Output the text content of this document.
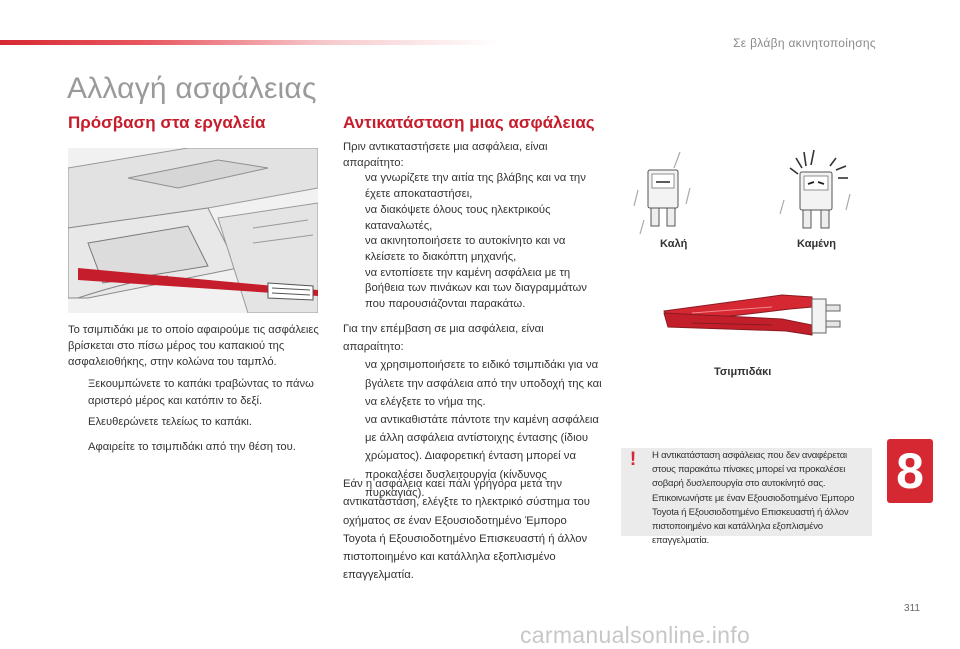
Σε βλάβη ακινητοποίησης
Αλλαγή ασφάλειας
Πρόσβαση στα εργαλεία	Αντικατάσταση μιας ασφάλειας
Το τσιμπιδάκι με το οποίο αφαιρούμε τις ασφάλειες βρίσκεται στο πίσω μέρος του καπακιού της ασφαλειοθήκης, στην κολώνα του ταμπλό.
Ξεκουμπώνετε το καπάκι τραβώντας το πάνω αριστερό μέρος και κατόπιν το δεξί.
Ελευθερώνετε τελείως το καπάκι.
Αφαιρείτε το τσιμπιδάκι από την θέση του.

Πριν αντικαταστήσετε μια ασφάλεια, είναι απαραίτητο:

να γνωρίζετε την αιτία της βλάβης και να την έχετε αποκαταστήσει,
να διακόψετε όλους τους ηλεκτρικούς καταναλωτές,
να ακινητοποιήσετε το αυτοκίνητο και να κλείσετε το διακόπτη μηχανής,
να εντοπίσετε την καμένη ασφάλεια με τη βοήθεια των πινάκων και των διαγραμμάτων που παρουσιάζονται παρακάτω.

Για την επέμβαση σε μια ασφάλεια, είναι απαραίτητο:

να χρησιμοποιήσετε το ειδικό τσιμπιδάκι για να βγάλετε την ασφάλεια από την υποδοχή της και να ελέγξετε το νήμα της.
να αντικαθιστάτε πάντοτε την καμένη ασφάλεια με άλλη ασφάλεια αντίστοιχης έντασης (ίδιου χρώματος). Διαφορετική ένταση μπορεί να προκαλέσει δυσλειτουργία (κίνδυνος πυρκαγιάς).
Εάν η ασφάλεια καεί πάλι γρήγορα μετά την αντικατάσταση, ελέγξτε το ηλεκτρικό σύστημα του οχήματος σε έναν Εξουσιοδοτημένο Έμπορο Toyota ή Εξουσιοδοτημένο Επισκευαστή ή άλλον πιστοποιημένο και κατάλληλα εξοπλισμένο επαγγελματία.
Καλή	Καμένη
Τσιμπιδάκι
!	Η αντικατάσταση ασφάλειας που δεν αναφέρεται στους παρακάτω πίνακες μπορεί να προκαλέσει σοβαρή δυσλειτουργία στο αυτοκίνητό σας. Επικοινωνήστε με έναν Εξουσιοδοτημένο Έμπορο Toyota ή Εξουσιοδοτημένο Επισκευαστή ή άλλον πιστοποιημένο και κατάλληλα εξοπλισμένο επαγγελματία.
8
311
carmanualsonline.info
